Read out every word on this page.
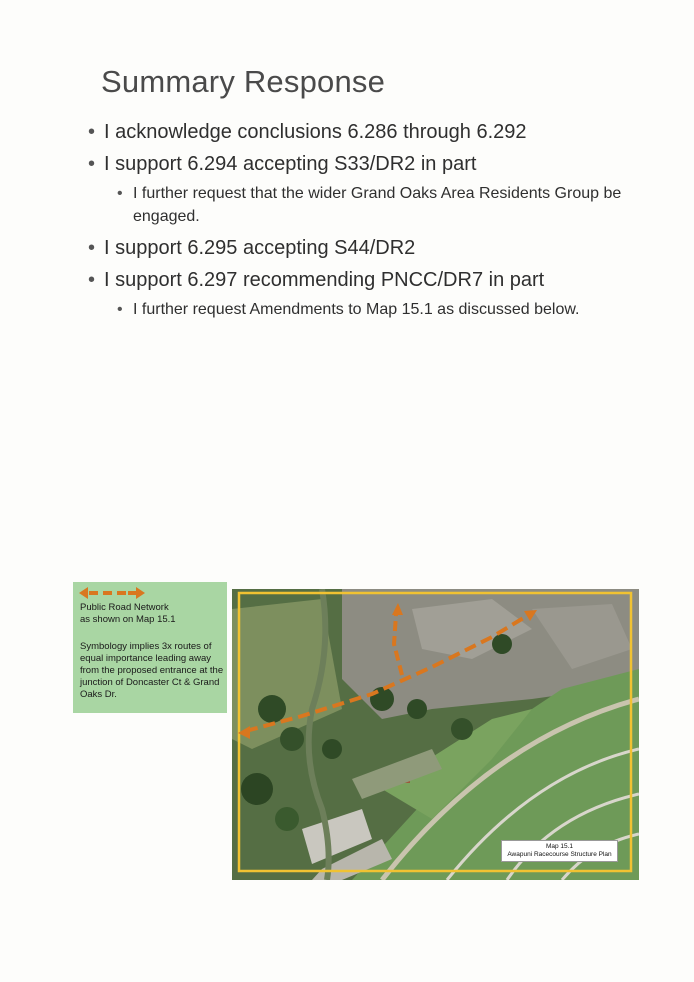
Summary Response
• I acknowledge conclusions 6.286 through 6.292
• I support 6.294 accepting S33/DR2 in part
• I further request that the wider Grand Oaks Area Residents Group be engaged.
• I support 6.295 accepting S44/DR2
• I support 6.297 recommending PNCC/DR7 in part
• I further request Amendments to Map 15.1 as discussed below.
Public Road Network
as shown on Map 15.1
Symbology implies 3x routes of equal importance leading away from the proposed entrance at the junction of Doncaster Ct & Grand Oaks Dr.
Map 15.1
Awapuni Racecourse Structure Plan
